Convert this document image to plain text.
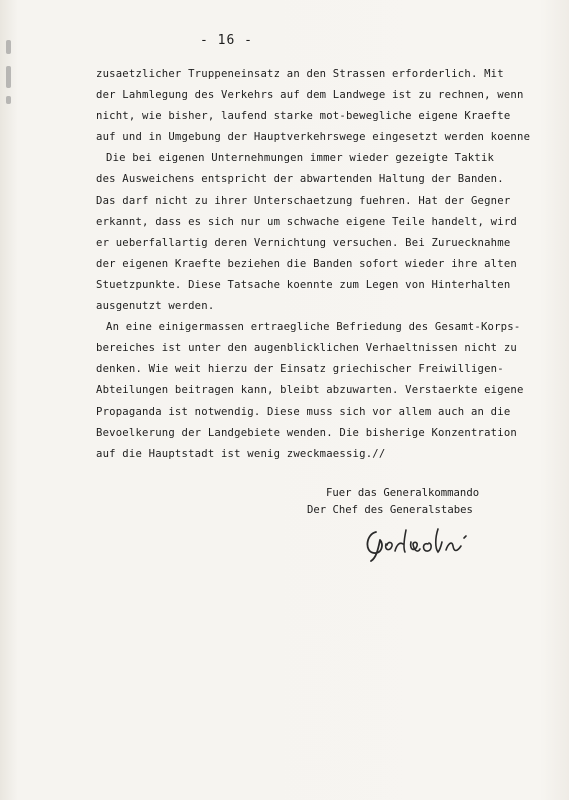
- 16 -
zusaetzlicher Truppeneinsatz an den Strassen erforderlich. Mit
der Lahmlegung des Verkehrs auf dem Landwege ist zu rechnen, wenn
nicht, wie bisher, laufend starke mot-bewegliche eigene Kraefte
auf und in Umgebung der Hauptverkehrswege eingesetzt werden koenne
Die bei eigenen Unternehmungen immer wieder gezeigte Taktik
des Ausweichens entspricht der abwartenden Haltung der Banden.
Das darf nicht zu ihrer Unterschaetzung fuehren. Hat der Gegner
erkannt, dass es sich nur um schwache eigene Teile handelt, wird
er ueberfallartig deren Vernichtung versuchen. Bei Zuruecknahme
der eigenen Kraefte beziehen die Banden sofort wieder ihre alten
Stuetzpunkte. Diese Tatsache koennte zum Legen von Hinterhalten
ausgenutzt werden.
An eine einigermassen ertraegliche Befriedung des Gesamt-Korps-
bereiches ist unter den augenblicklichen Verhaeltnissen nicht zu
denken. Wie weit hierzu der Einsatz griechischer Freiwilligen-
Abteilungen beitragen kann, bleibt abzuwarten. Verstaerkte eigene
Propaganda ist notwendig. Diese muss sich vor allem auch an die
Bevoelkerung der Landgebiete wenden. Die bisherige Konzentration
auf die Hauptstadt ist wenig zweckmaessig.//
Fuer das Generalkommando
Der Chef des Generalstabes
